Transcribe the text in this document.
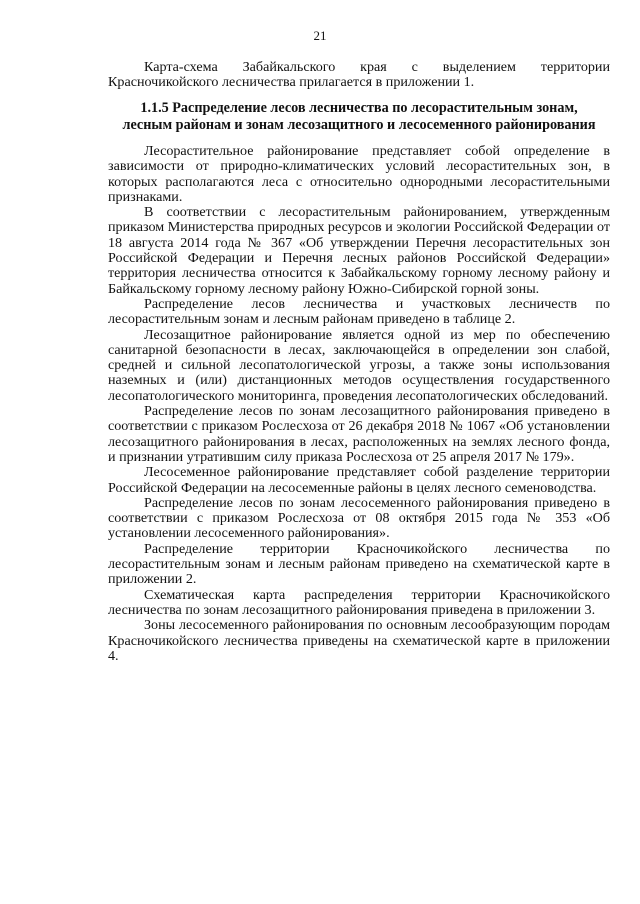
21

Карта-схема Забайкальского края с выделением территории Красночикойского лесничества прилагается в приложении 1.

1.1.5 Распределение лесов лесничества по лесорастительным зонам,
лесным районам и зонам лесозащитного и лесосеменного районирования

Лесорастительное районирование представляет собой определение в зависимости от природно-климатических условий лесорастительных зон, в которых располагаются леса с относительно однородными лесорастительными признаками.

В соответствии с лесорастительным районированием, утвержденным приказом Министерства природных ресурсов и экологии Российской Федерации от 18 августа 2014 года № 367 «Об утверждении Перечня лесорастительных зон Российской Федерации и Перечня лесных районов Российской Федерации» территория лесничества относится к Забайкальскому горному лесному району и Байкальскому горному лесному району Южно-Сибирской горной зоны.

Распределение лесов лесничества и участковых лесничеств по лесорастительным зонам и лесным районам приведено в таблице 2.

Лесозащитное районирование является одной из мер по обеспечению санитарной безопасности в лесах, заключающейся в определении зон слабой, средней и сильной лесопатологической угрозы, а также зоны использования наземных и (или) дистанционных методов осуществления государственного лесопатологического мониторинга, проведения лесопатологических обследований.

Распределение лесов по зонам лесозащитного районирования приведено в соответствии с приказом Рослесхоза от 26 декабря 2018 № 1067 «Об установлении лесозащитного районирования в лесах, расположенных на землях лесного фонда, и признании утратившим силу приказа Рослесхоза от 25 апреля 2017 № 179».

Лесосеменное районирование представляет собой разделение территории Российской Федерации на лесосеменные районы в целях лесного семеноводства.

Распределение лесов по зонам лесосеменного районирования приведено в соответствии с приказом Рослесхоза от 08 октября 2015 года № 353 «Об установлении лесосеменного районирования».

Распределение территории Красночикойского лесничества по лесорастительным зонам и лесным районам приведено на схематической карте в приложении 2.

Схематическая карта распределения территории Красночикойского лесничества по зонам лесозащитного районирования приведена в приложении 3.

Зоны лесосеменного районирования по основным лесообразующим породам Красночикойского лесничества приведены на схематической карте в приложении 4.
